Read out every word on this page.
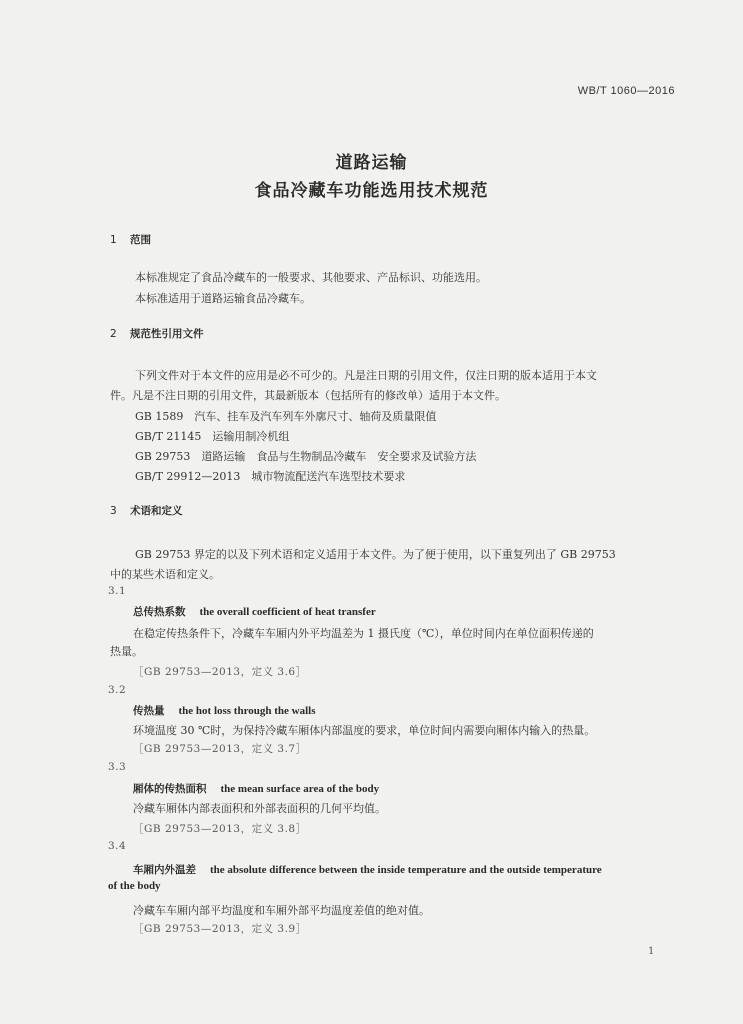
WB/T 1060—2016
道路运输
食品冷藏车功能选用技术规范
1 范围
本标准规定了食品冷藏车的一般要求、其他要求、产品标识、功能选用。
本标准适用于道路运输食品冷藏车。
2 规范性引用文件
下列文件对于本文件的应用是必不可少的。凡是注日期的引用文件，仅注日期的版本适用于本文
件。凡是不注日期的引用文件，其最新版本（包括所有的修改单）适用于本文件。
GB 1589　汽车、挂车及汽车列车外廓尺寸、轴荷及质量限值
GB/T 21145　运输用制冷机组
GB 29753　道路运输　食品与生物制品冷藏车　安全要求及试验方法
GB/T 29912—2013　城市物流配送汽车选型技术要求
3 术语和定义
GB 29753 界定的以及下列术语和定义适用于本文件。为了便于使用，以下重复列出了 GB 29753
中的某些术语和定义。
3.1
总传热系数 the overall coefficient of heat transfer
在稳定传热条件下，冷藏车车厢内外平均温差为 1 摄氏度（℃），单位时间内在单位面积传递的
热量。
［GB 29753—2013，定义 3.6］
3.2
传热量 the hot loss through the walls
环境温度 30 ℃时，为保持冷藏车厢体内部温度的要求，单位时间内需要向厢体内输入的热量。
［GB 29753—2013，定义 3.7］
3.3
厢体的传热面积 the mean surface area of the body
冷藏车厢体内部表面积和外部表面积的几何平均值。
［GB 29753—2013，定义 3.8］
3.4
车厢内外温差 the absolute difference between the inside temperature and the outside temperature
of the body
冷藏车车厢内部平均温度和车厢外部平均温度差值的绝对值。
［GB 29753—2013，定义 3.9］
1
